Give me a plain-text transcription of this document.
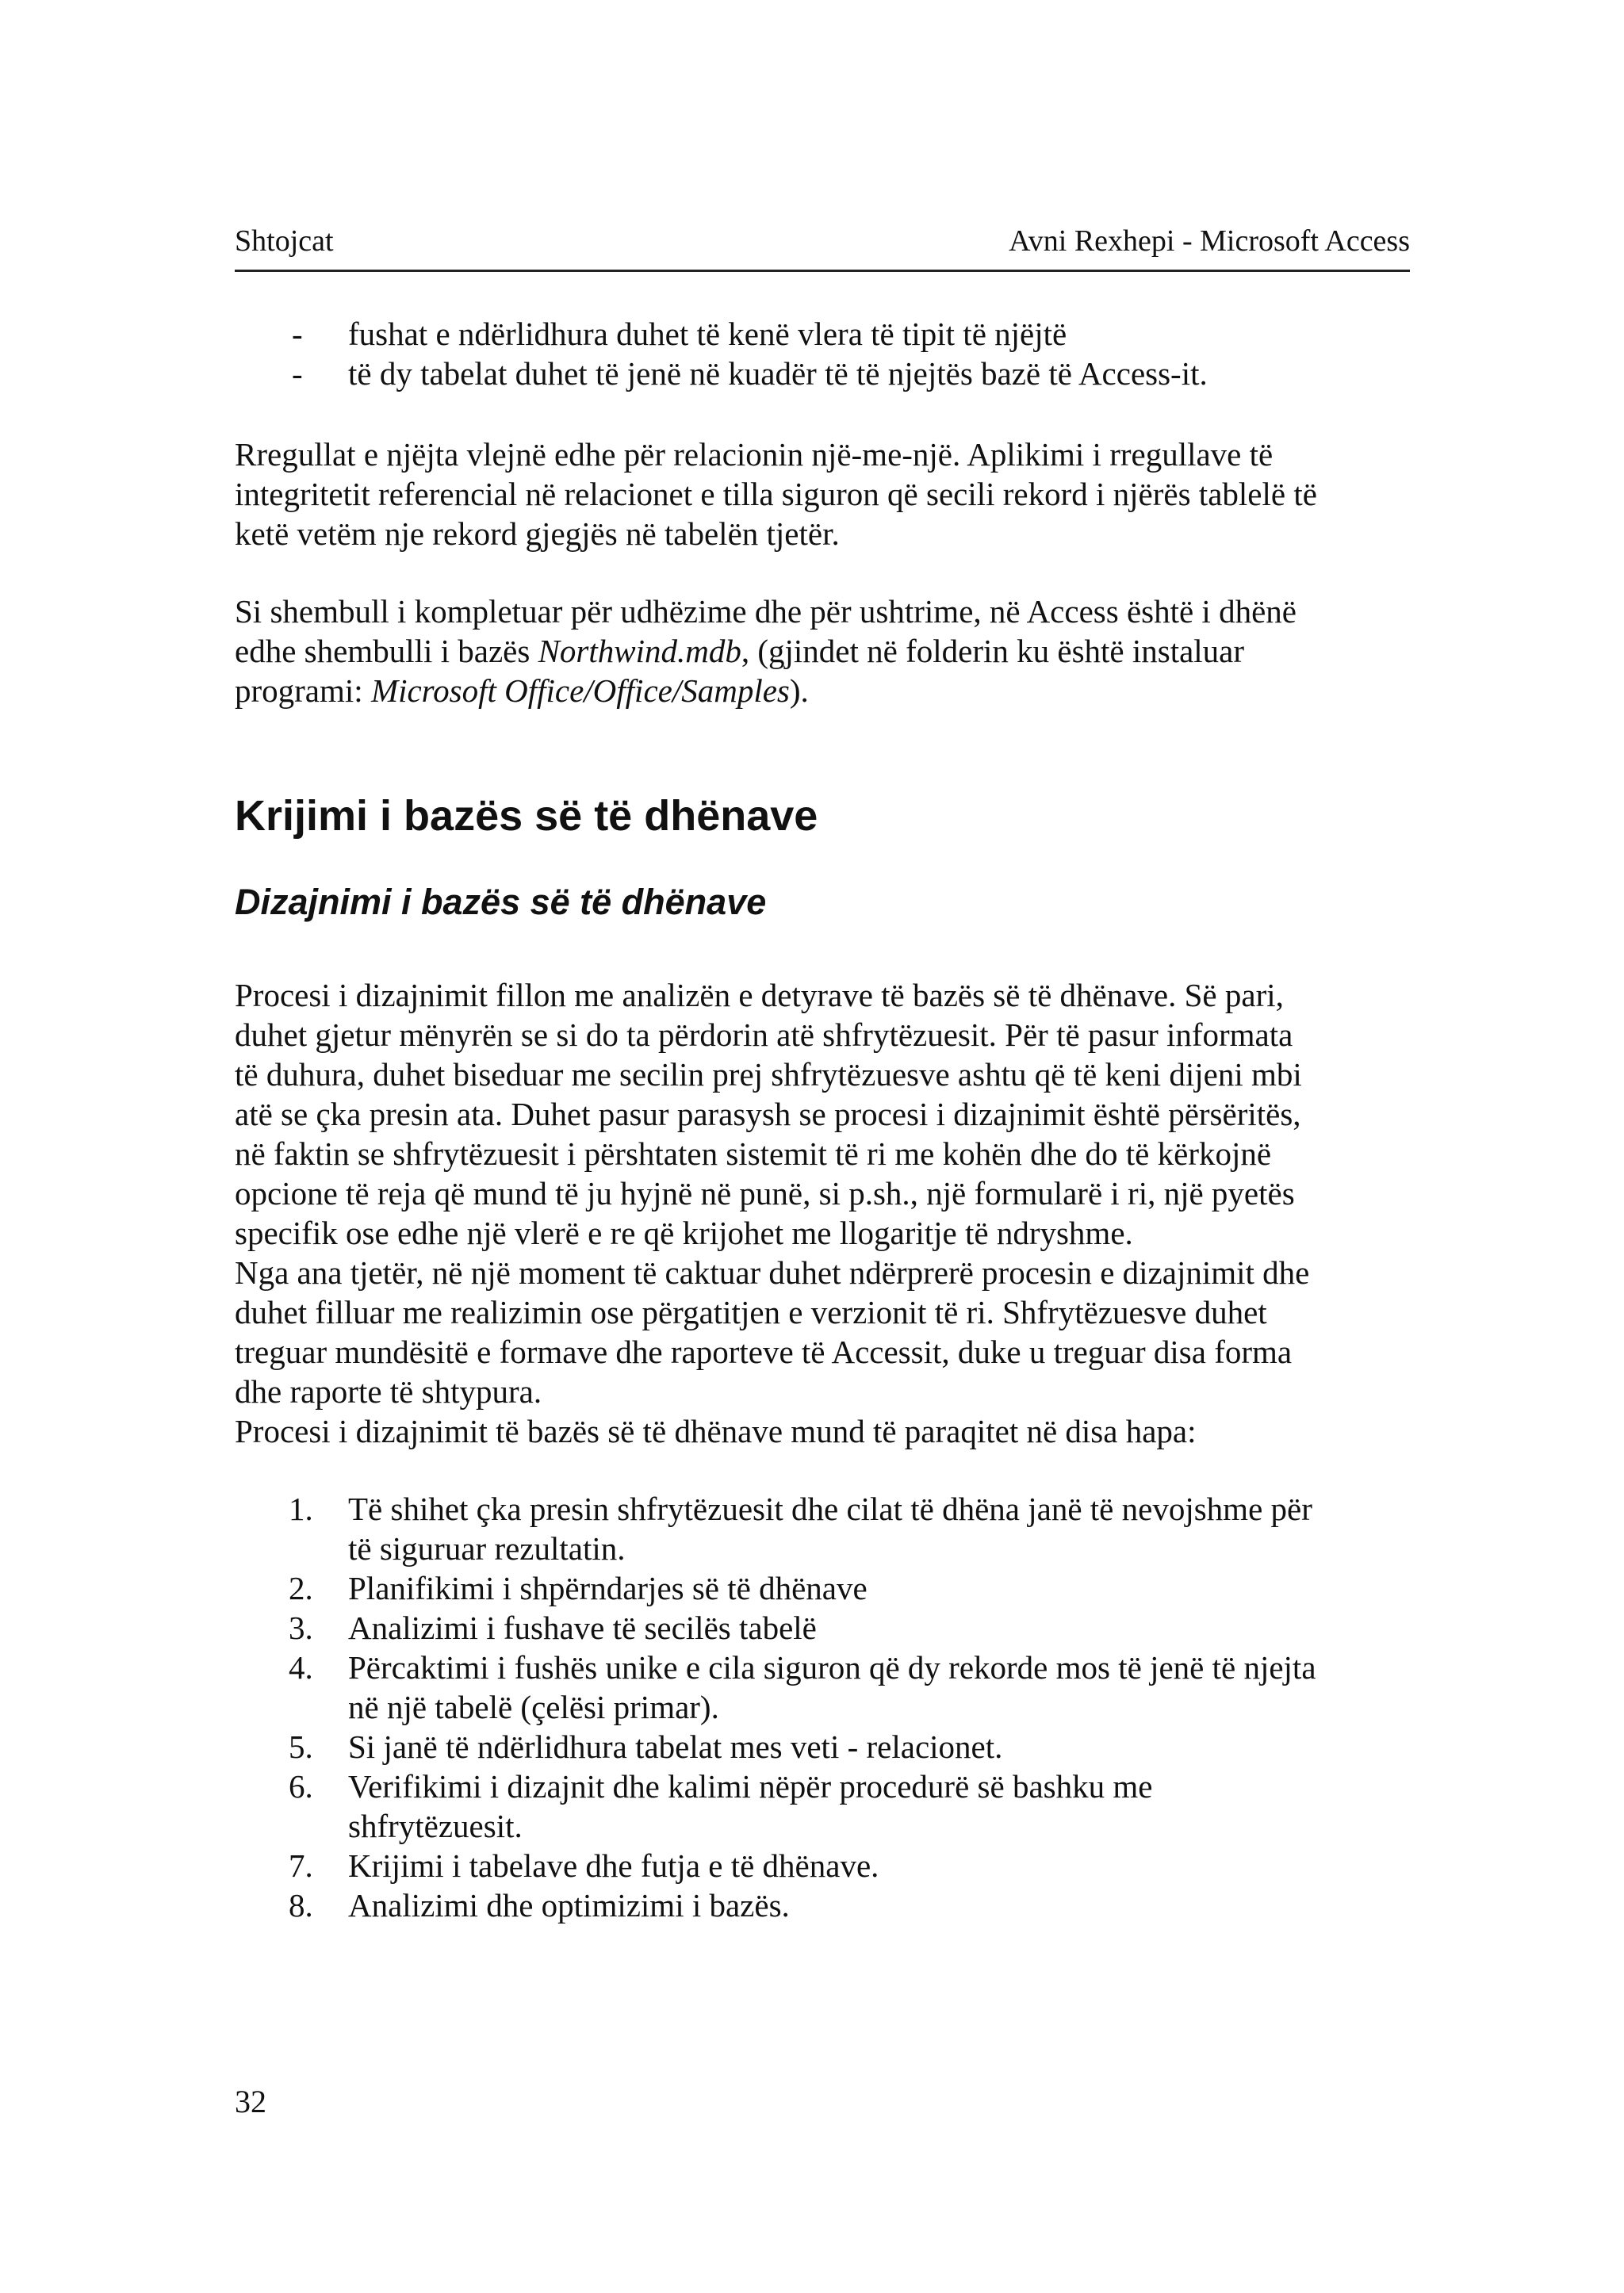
Shtojcat	Avni Rexhepi - Microsoft Access
- fushat e ndërlidhura duhet të kenë vlera të tipit të njëjtë
- të dy tabelat duhet të jenë në kuadër të të njejtës bazë të Access-it.
Rregullat e njëjta vlejnë edhe për relacionin një-me-një. Aplikimi i rregullave të
integritetit referencial në relacionet e tilla siguron që secili rekord i njërës tablelë të
ketë vetëm nje rekord gjegjës në tabelën tjetër.
Si shembull i kompletuar për udhëzime dhe për ushtrime, në Access është i dhënë
edhe shembulli i bazës Northwind.mdb, (gjindet në folderin ku është instaluar
programi: Microsoft Office/Office/Samples).
Krijimi i bazës së të dhënave
Dizajnimi i bazës së të dhënave
Procesi i dizajnimit fillon me analizën e detyrave të bazës së të dhënave. Së pari,
duhet gjetur mënyrën se si do ta përdorin atë shfrytëzuesit. Për të pasur informata
të duhura, duhet biseduar me secilin prej shfrytëzuesve ashtu që të keni dijeni mbi
atë se çka presin ata. Duhet pasur parasysh se procesi i dizajnimit është përsëritës,
në faktin se shfrytëzuesit i përshtaten sistemit të ri me kohën dhe do të kërkojnë
opcione të reja që mund të ju hyjnë në punë, si p.sh., një formularë i ri, një pyetës
specifik ose edhe një vlerë e re që krijohet me llogaritje të ndryshme.
Nga ana tjetër, në një moment të caktuar duhet ndërprerë procesin e dizajnimit dhe
duhet filluar me realizimin ose përgatitjen e verzionit të ri. Shfrytëzuesve duhet
treguar mundësitë e formave dhe raporteve të Accessit, duke u treguar disa forma
dhe raporte të shtypura.
Procesi i dizajnimit të bazës së të dhënave mund të paraqitet në disa hapa:
1. Të shihet çka presin shfrytëzuesit dhe cilat të dhëna janë të nevojshme për
të siguruar rezultatin.
2. Planifikimi i shpërndarjes së të dhënave
3. Analizimi i fushave të secilës tabelë
4. Përcaktimi i fushës unike e cila siguron që dy rekorde mos të jenë të njejta
në një tabelë (çelësi primar).
5. Si janë të ndërlidhura tabelat mes veti - relacionet.
6. Verifikimi i dizajnit dhe kalimi nëpër procedurë së bashku me
shfrytëzuesit.
7. Krijimi i tabelave dhe futja e të dhënave.
8. Analizimi dhe optimizimi i bazës.
32
